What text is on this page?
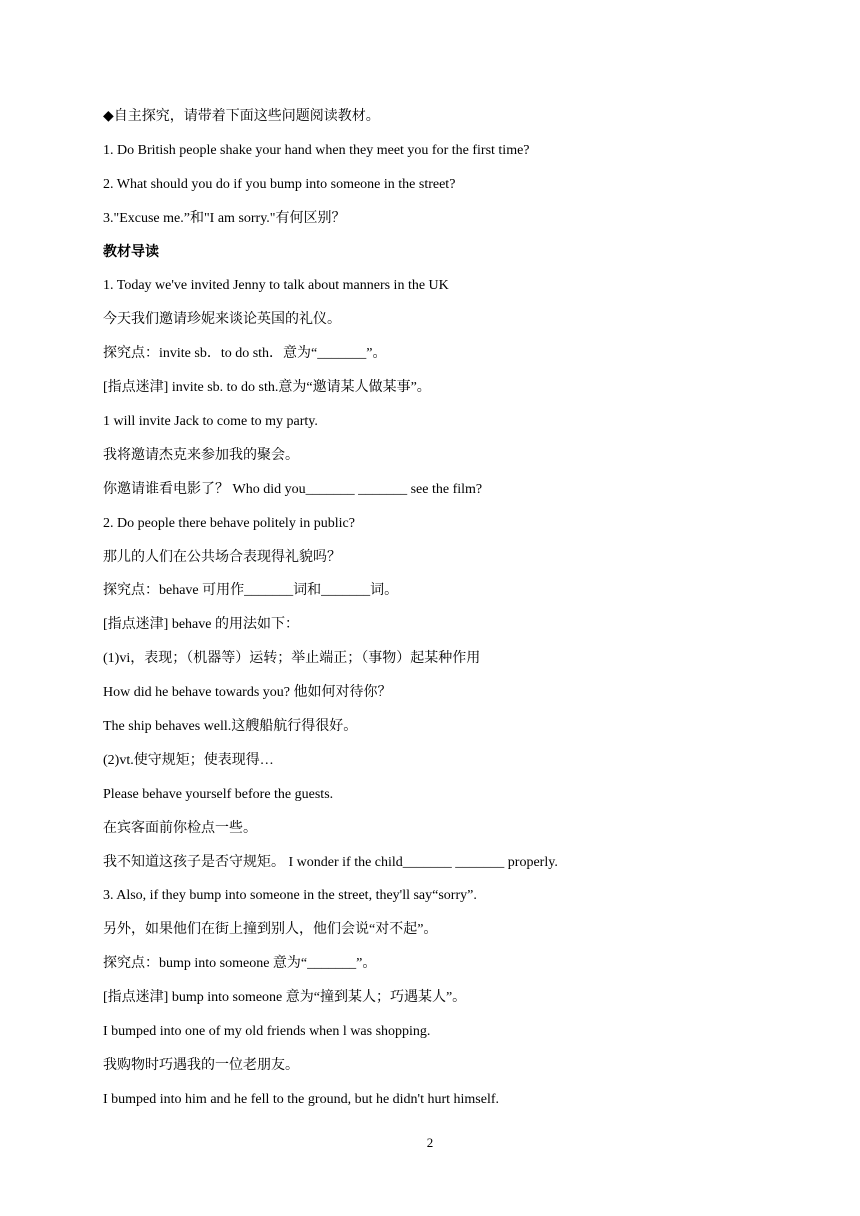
◆自主探究，请带着下面这些问题阅读教材。
1. Do British people shake your hand when they meet you for the first time?
2. What should you do if you bump into someone in the street?
3."Excuse me.”和"I am sorry."有何区别？
教材导读
1. Today we've invited Jenny to talk about manners in the UK
今天我们邀请珍妮来谈论英国的礼仪。
探究点：invite sb．to do sth．意为“_______”。
[指点迷津] invite sb. to do sth.意为“邀请某人做某事”。
1 will invite Jack to come to my party.
我将邀请杰克来参加我的聚会。
你邀请谁看电影了？ Who did you_______ _______ see the film?
2. Do people there behave politely in public?
那儿的人们在公共场合表现得礼貌吗？
探究点：behave 可用作_______词和_______词。
[指点迷津] behave 的用法如下：
(1)vi，表现；（机器等）运转；举止端正；（事物）起某种作用
How did he behave towards you? 他如何对待你？
The ship behaves well.这艘船航行得很好。
(2)vt.使守规矩；使表现得…
Please behave yourself before the guests.
在宾客面前你检点一些。
我不知道这孩子是否守规矩。 I wonder if the child_______ _______ properly.
3. Also, if they bump into someone in the street, they'll say“sorry”.
另外，如果他们在街上撞到别人，他们会说“对不起”。
探究点：bump into someone 意为“_______”。
[指点迷津] bump into someone 意为“撞到某人；巧遇某人”。
I bumped into one of my old friends when l was shopping.
我购物时巧遇我的一位老朋友。
I bumped into him and he fell to the ground, but he didn't hurt himself.
2
